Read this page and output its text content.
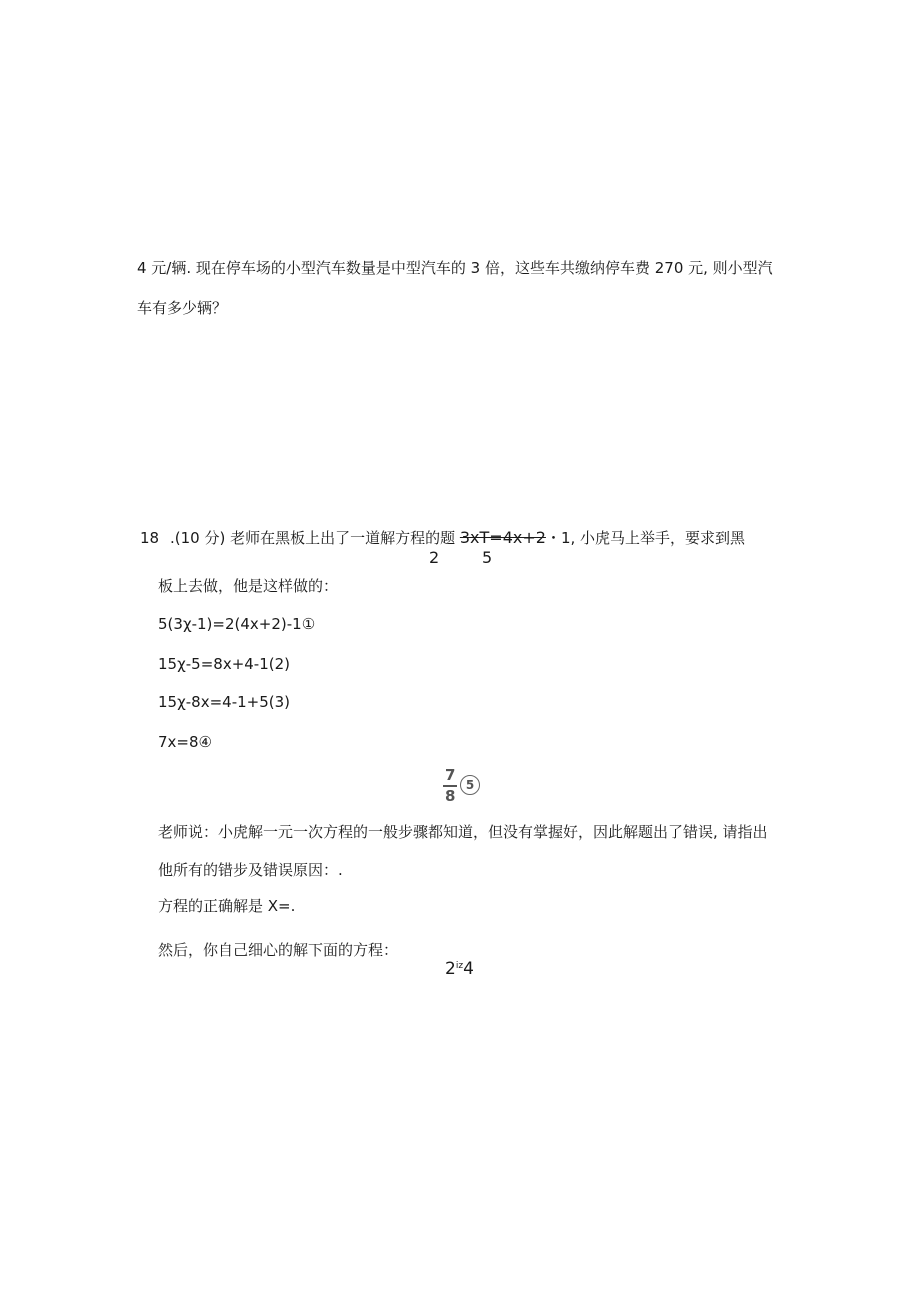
4 元/辆. 现在停车场的小型汽车数量是中型汽车的 3 倍，这些车共缴纳停车费 270 元, 则小型汽
车有多少辆？
18 .(10 分) 老师在黑板上出了一道解方程的题 3xT=4x+2・1, 小虎马上举手，要求到黑
2	5
板上去做，他是这样做的：
5(3χ-1)=2(4x+2)-1①
15χ-5=8x+4-1(2)
15χ-8x=4-1+5(3)
7x=8④
7
8
5
老师说：小虎解一元一次方程的一般步骤都知道，但没有掌握好，因此解题出了错误, 请指出
他所有的错步及错误原因：.
方程的正确解是 X=.
然后，你自己细心的解下面的方程：
$2^{iz}4$
